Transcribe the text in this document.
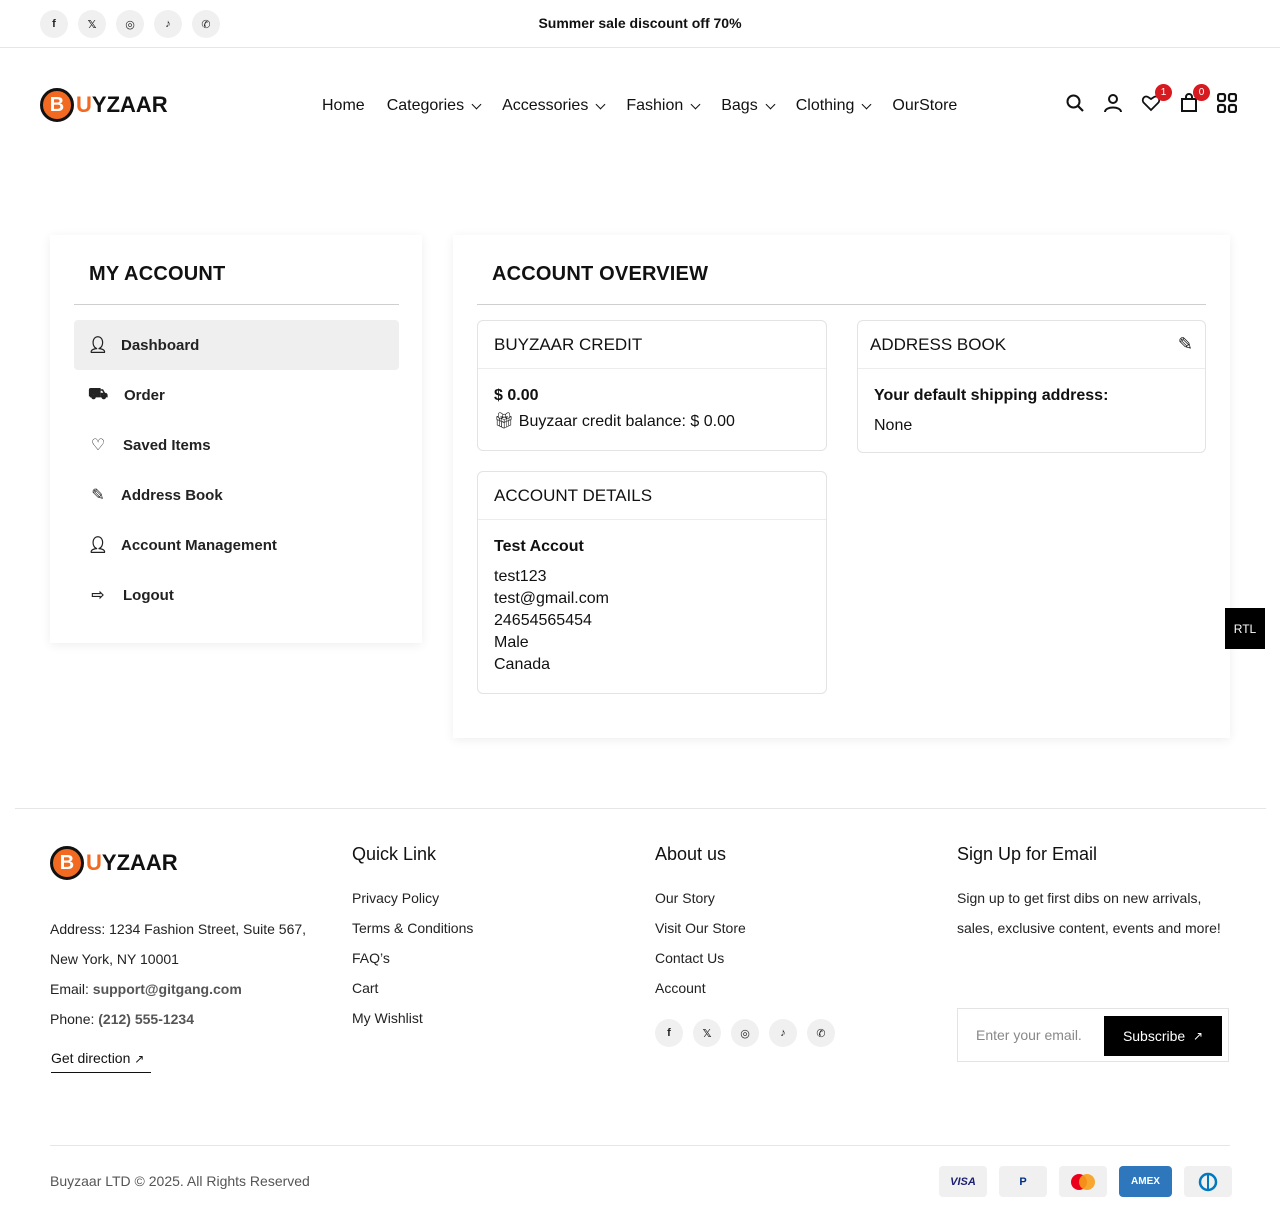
f	𝕏	◎	♪	✆	Summer sale discount off 70%
B UYZAAR	Home Categories Accessories Fashion Bags Clothing Our Store
1	0
MY ACCOUNT
👤︎ Dashboard
⛟ Order
♡ Saved Items
✎ Address Book
👤︎ Account Management
⇨ Logout
ACCOUNT OVERVIEW
BUYZAAR CREDIT
$ 0.00
🎁︎ Buyzaar credit balance: $ 0.00
ADDRESS BOOK	✎
Your default shipping address:
None
ACCOUNT DETAILS
Test Accout
test123
test@gmail.com
24654565454
Male
Canada
RTL
B UYZAAR
Address: 1234 Fashion Street, Suite 567, New York, NY 10001
Email: support@gitgang.com
Phone: (212) 555-1234
Get direction ↗
Quick Link
Privacy Policy
Terms & Conditions
FAQ’s
Cart
My Wishlist
About us
Our Story
Visit Our Store
Contact Us
Account
f	𝕏	◎	♪	✆
Sign Up for Email

Sign up to get first dibs on new arrivals, sales, exclusive content, events and more!

Enter your email.	Subscribe
↗
Buyzaar LTD © 2025. All Rights Reserved	VISA	P	AMEX
